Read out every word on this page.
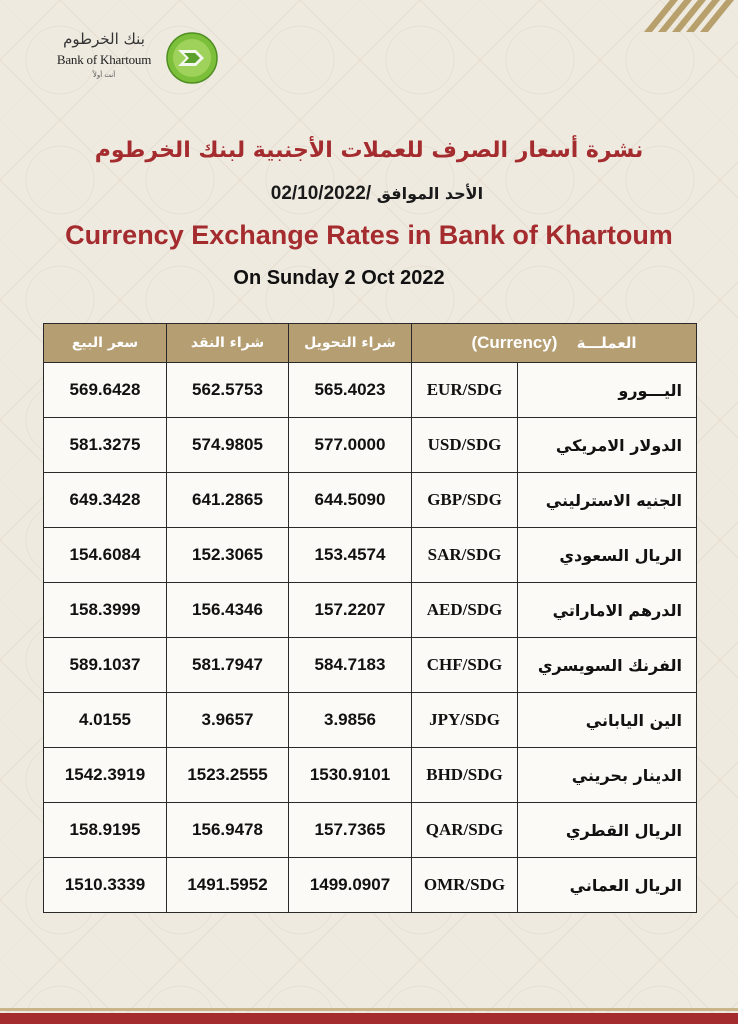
بنك الخرطوم
Bank of Khartoum
أنت أولاً
نشرة أسعار الصرف للعملات الأجنبية لبنك الخرطوم
الأحد الموافق    02/10/2022/
Currency Exchange Rates in Bank of Khartoum
On Sunday 2 Oct 2022
سعر البيع	شراء النقد	شراء التحويل	(Currency) العملـــة	
569.6428	562.5753	565.4023	EUR/SDG	اليـــورو
581.3275	574.9805	577.0000	USD/SDG	الدولار الامريكي
649.3428	641.2865	644.5090	GBP/SDG	الجنيه الاسترليني
154.6084	152.3065	153.4574	SAR/SDG	الريال السعودي
158.3999	156.4346	157.2207	AED/SDG	الدرهم الاماراتي
589.1037	581.7947	584.7183	CHF/SDG	الفرنك السويسري
4.0155	3.9657	3.9856	JPY/SDG	الين الياباني
1542.3919	1523.2555	1530.9101	BHD/SDG	الدينار بحريني
158.9195	156.9478	157.7365	QAR/SDG	الريال القطري
1510.3339	1491.5952	1499.0907	OMR/SDG	الريال العماني
